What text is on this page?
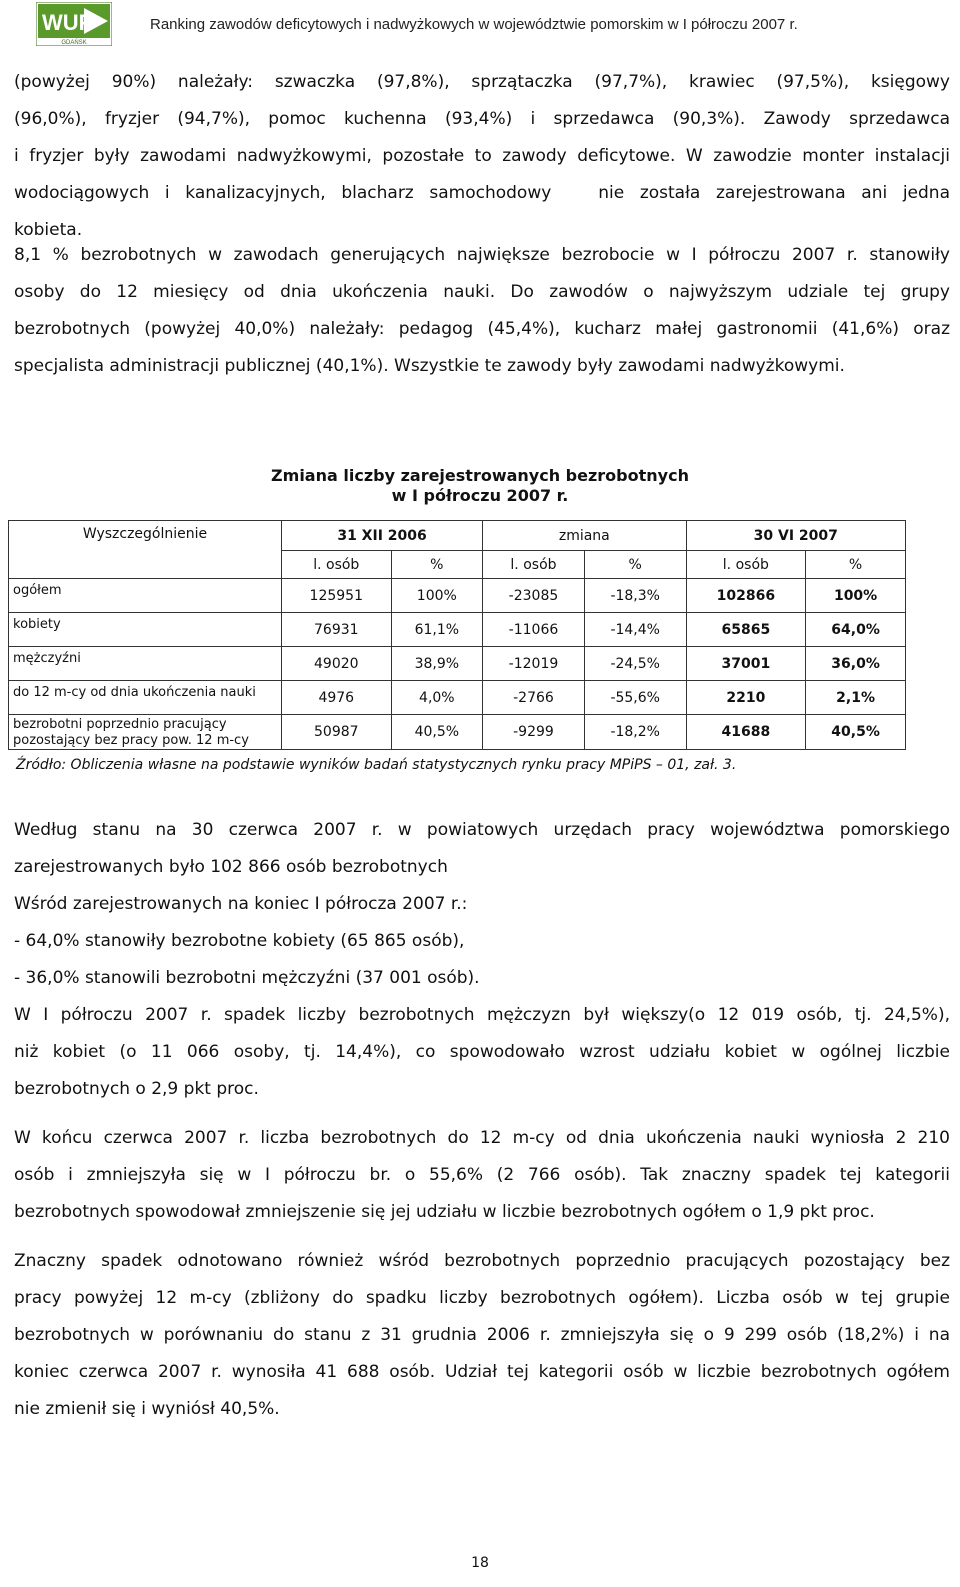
WUP
GDAŃSK
Ranking zawodów deficytowych i nadwyżkowych w województwie pomorskim w I półroczu 2007 r.
(powyżej 90%) należały: szwaczka (97,8%), sprzątaczka (97,7%), krawiec (97,5%), księgowy
(96,0%), fryzjer (94,7%), pomoc kuchenna (93,4%) i sprzedawca (90,3%). Zawody sprzedawca
i fryzjer były zawodami nadwyżkowymi, pozostałe to zawody deficytowe. W zawodzie monter instalacji
wodociągowych i kanalizacyjnych, blacharz samochodowy   nie została zarejestrowana ani jedna
kobieta.
8,1 % bezrobotnych w zawodach generujących największe bezrobocie w I półroczu 2007 r. stanowiły
osoby do 12 miesięcy od dnia ukończenia nauki. Do zawodów o najwyższym udziale tej grupy
bezrobotnych (powyżej 40,0%) należały: pedagog (45,4%), kucharz małej gastronomii (41,6%) oraz
specjalista administracji publicznej (40,1%). Wszystkie te zawody były zawodami nadwyżkowymi.
Zmiana liczby zarejestrowanych bezrobotnych
w I półroczu 2007 r.
Wyszczególnienie	31 XII 2006		zmiana		30 VI 2007	
	l. osób	%	l. osób	%	l. osób	%
ogółem	125951	100%	-23085	-18,3%	102866	100%
kobiety	76931	61,1%	-11066	-14,4%	65865	64,0%
mężczyźni	49020	38,9%	-12019	-24,5%	37001	36,0%
do 12 m-cy od dnia ukończenia nauki	4976	4,0%	-2766	-55,6%	2210	2,1%
bezrobotni poprzednio pracujący pozostający bez pracy pow. 12 m-cy	50987	40,5%	-9299	-18,2%	41688	40,5%
Źródło: Obliczenia własne na podstawie wyników badań statystycznych rynku pracy MPiPS – 01, zał. 3.
Według stanu na 30 czerwca 2007 r. w powiatowych urzędach pracy województwa pomorskiego
zarejestrowanych było 102 866 osób bezrobotnych
Wśród zarejestrowanych na koniec I półrocza 2007 r.:
- 64,0% stanowiły bezrobotne kobiety (65 865 osób),
- 36,0% stanowili bezrobotni mężczyźni (37 001 osób).
W I półroczu 2007 r. spadek liczby bezrobotnych mężczyzn był większy(o 12 019 osób, tj. 24,5%),
niż kobiet (o 11 066 osoby, tj. 14,4%), co spowodowało wzrost udziału kobiet w ogólnej liczbie
bezrobotnych o 2,9 pkt proc.
W końcu czerwca 2007 r. liczba bezrobotnych do 12 m-cy od dnia ukończenia nauki wyniosła 2 210
osób i zmniejszyła się w I półroczu br. o 55,6% (2 766 osób). Tak znaczny spadek tej kategorii
bezrobotnych spowodował zmniejszenie się jej udziału w liczbie bezrobotnych ogółem o 1,9 pkt proc.
Znaczny spadek odnotowano również wśród bezrobotnych poprzednio pracujących pozostający bez
pracy powyżej 12 m-cy (zbliżony do spadku liczby bezrobotnych ogółem). Liczba osób w tej grupie
bezrobotnych w porównaniu do stanu z 31 grudnia 2006 r. zmniejszyła się o 9 299 osób (18,2%) i na
koniec czerwca 2007 r. wynosiła 41 688 osób. Udział tej kategorii osób w liczbie bezrobotnych ogółem
nie zmienił się i wyniósł 40,5%.
18
